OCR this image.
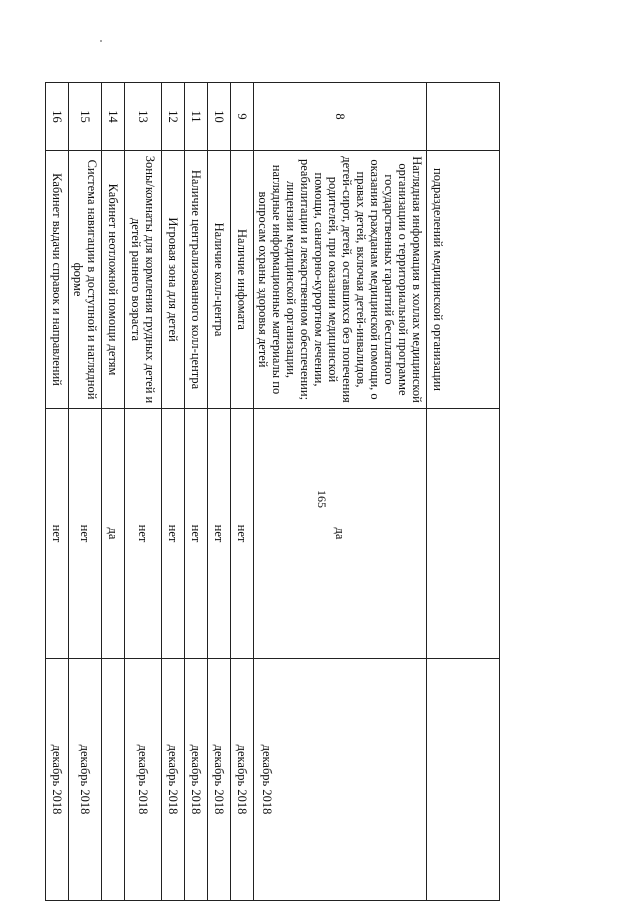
165
	подразделений медицинской организации		
8	Наглядная информация в холлах медицинской организации о территориальной программе государственных гарантий бесплатного оказания гражданам медицинской помощи, о правах детей, включая детей-инвалидов, детей-сирот, детей, оставшихся без попечения родителей, при оказании медицинской помощи, санаторно-курортном лечении, реабилитации и лекарственном обеспечении; лицензии медицинской организации, наглядные информационные материалы по вопросам охраны здоровья детей	да	декабрь 2018
9	Наличие инфомата	нет	декабрь 2018
10	Наличие колл-центра	нет	декабрь 2018
11	Наличие централизованного колл-центра	нет	декабрь 2018
12	Игровая зона для детей	нет	декабрь 2018
13	Зоны/комнаты для кормления грудных детей и детей раннего возраста	нет	декабрь 2018
14	Кабинет неотложной помощи детям	да	
15	Система навигации в доступной и наглядной форме	нет	декабрь 2018
16	Кабинет выдачи справок и направлений	нет	декабрь 2018
